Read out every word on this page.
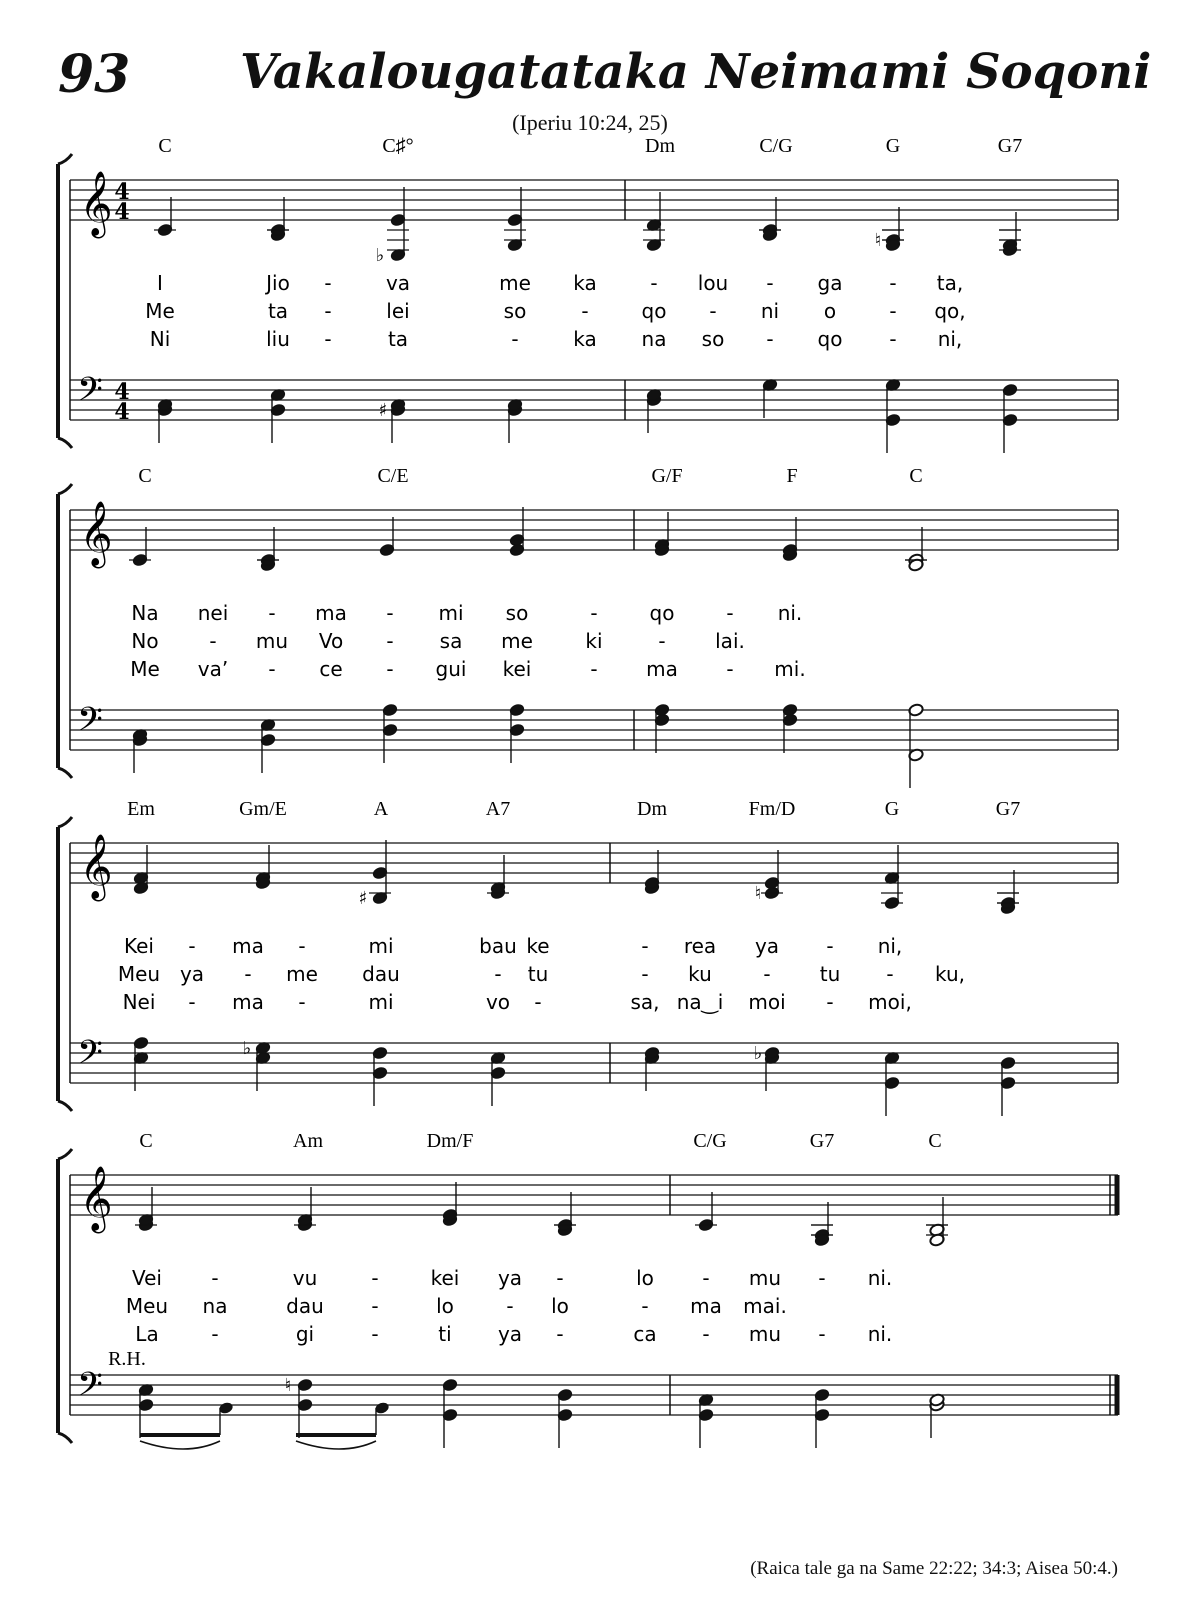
93 Vakalougatataka Neimami Soqoni
(Iperiu 10:24, 25)
𝄞
𝄢
4
4
4
4
C	C♯°	Dm	C/G	G	G7
I	Jio -	va	me ka	- lou - ga - ta,
Me	ta -	lei	so	-	qo - ni o	- qo,
Ni	liu -	ta	-	ka na so - qo - ni,
♭
♮
♯
𝄞
𝄢
C	C/E	G/F	F	C
Na nei - ma - mi so	-	qo	- ni.
No	- mu Vo - sa me	ki	- lai.
Me va’ - ce - gui kei	- ma - mi.
𝄞
𝄢
Em	Gm/E	A	A7	Dm	Fm/D	G	G7
Kei - ma -	mi	bau ke	- rea ya - ni,
Meu ya - me dau	- tu	- ku	- tu - ku,
Nei - ma -	mi	vo -	sa, na‿i moi - moi,
♯	♮
♭	♭
𝄞
𝄢
C	Am	Dm/F	C/G	G7	C
Vei -	vu	-	kei ya -	lo - mu - ni.
Meu na	dau -	lo	- lo	- ma mai.
La	-	gi	-	ti ya -	ca - mu - ni.
♮
R.H.
(Raica tale ga na Same 22:22; 34:3; Aisea 50:4.)
